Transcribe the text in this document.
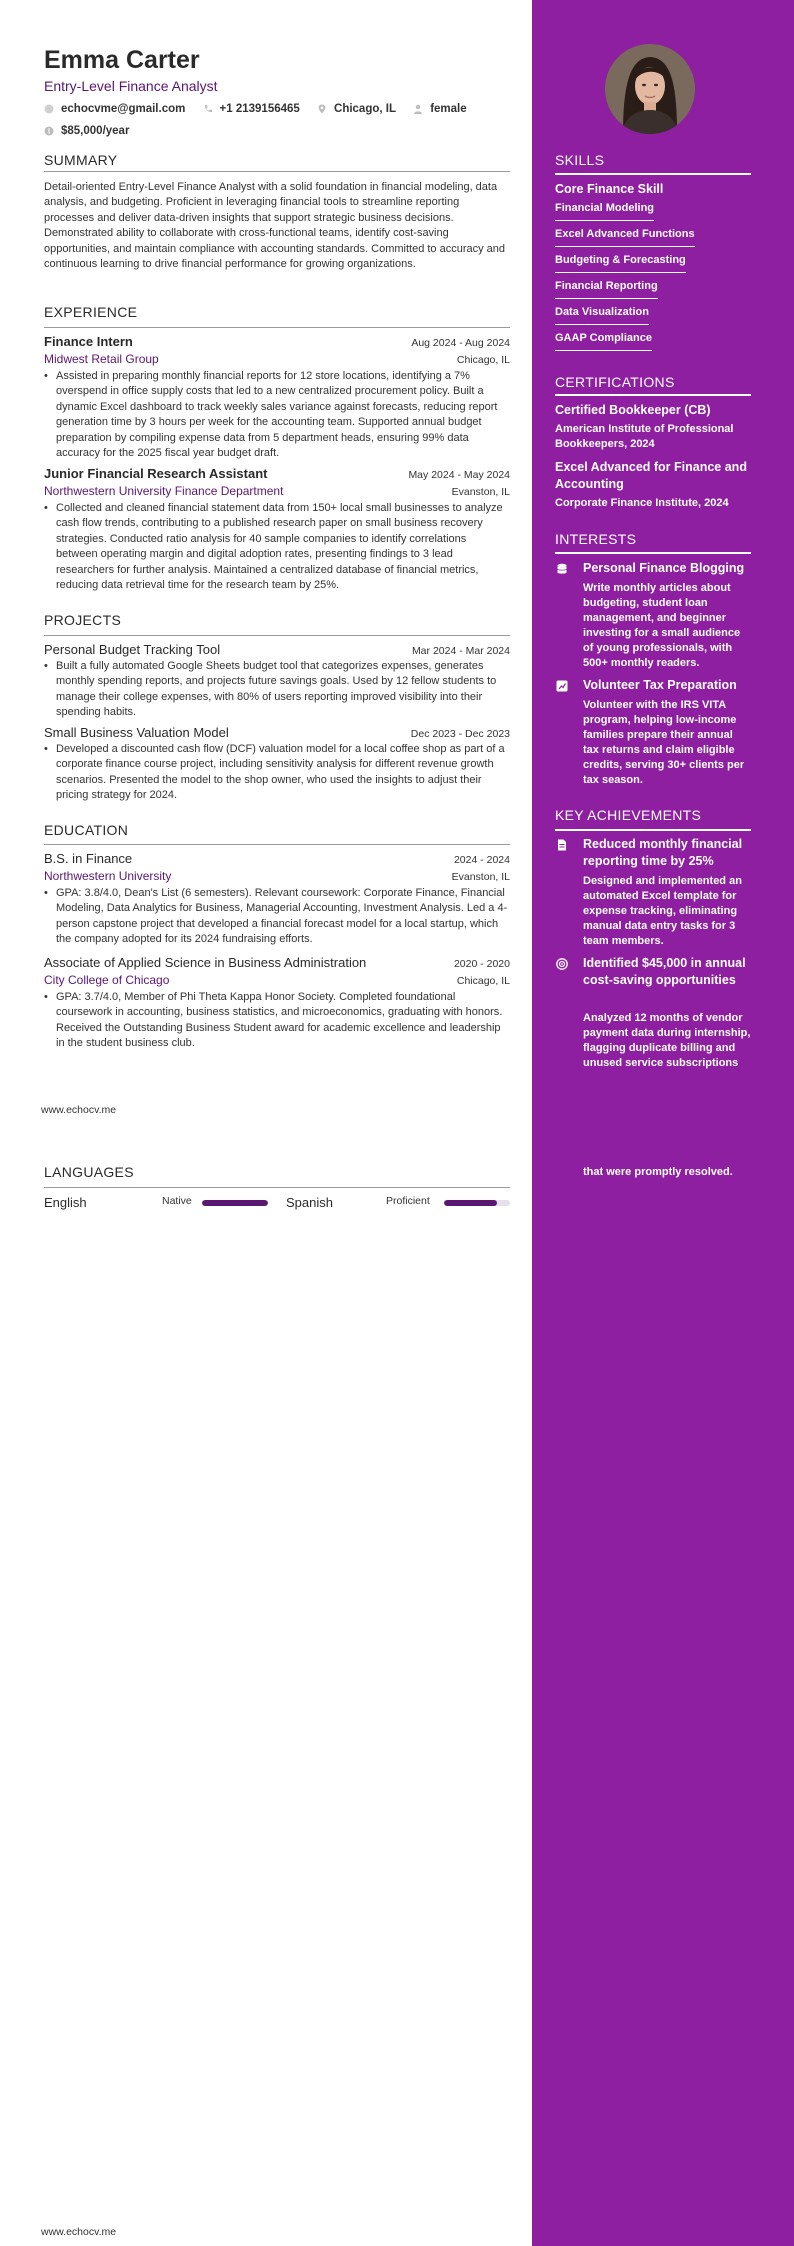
Emma Carter
Entry-Level Finance Analyst
echocvme@gmail.com
	+1 2139156465
	Chicago, IL
	female
$85,000/year
SUMMARY
Detail-oriented Entry-Level Finance Analyst with a solid foundation in financial modeling, data analysis, and budgeting. Proficient in leveraging financial tools to streamline reporting processes and deliver data-driven insights that support strategic business decisions. Demonstrated ability to collaborate with cross-functional teams, identify cost-saving opportunities, and maintain compliance with accounting standards. Committed to accuracy and continuous learning to drive financial performance for growing organizations.
EXPERIENCE
Finance Intern	Aug 2024 - Aug 2024
Midwest Retail Group	Chicago, IL
• Assisted in preparing monthly financial reports for 12 store locations, identifying a 7% overspend in office supply costs that led to a new centralized procurement policy. Built a dynamic Excel dashboard to track weekly sales variance against forecasts, reducing report generation time by 3 hours per week for the accounting team. Supported annual budget preparation by compiling expense data from 5 department heads, ensuring 99% data accuracy for the 2025 fiscal year budget draft.
Junior Financial Research Assistant	May 2024 - May 2024
Northwestern University Finance Department	Evanston, IL
• Collected and cleaned financial statement data from 150+ local small businesses to analyze cash flow trends, contributing to a published research paper on small business recovery strategies. Conducted ratio analysis for 40 sample companies to identify correlations between operating margin and digital adoption rates, presenting findings to 3 lead researchers for further analysis. Maintained a centralized database of financial metrics, reducing data retrieval time for the research team by 25%.
PROJECTS
Personal Budget Tracking Tool	Mar 2024 - Mar 2024
• Built a fully automated Google Sheets budget tool that categorizes expenses, generates monthly spending reports, and projects future savings goals. Used by 12 fellow students to manage their college expenses, with 80% of users reporting improved visibility into their spending habits.
Small Business Valuation Model	Dec 2023 - Dec 2023
• Developed a discounted cash flow (DCF) valuation model for a local coffee shop as part of a corporate finance course project, including sensitivity analysis for different revenue growth scenarios. Presented the model to the shop owner, who used the insights to adjust their pricing strategy for 2024.
EDUCATION
B.S. in Finance	2024 - 2024
Northwestern University	Evanston, IL
• GPA: 3.8/4.0, Dean's List (6 semesters). Relevant coursework: Corporate Finance, Financial Modeling, Data Analytics for Business, Managerial Accounting, Investment Analysis. Led a 4-person capstone project that developed a financial forecast model for a local startup, which the company adopted for its 2024 fundraising efforts.
Associate of Applied Science in Business Administration	2020 - 2020
City College of Chicago	Chicago, IL
• GPA: 3.7/4.0, Member of Phi Theta Kappa Honor Society. Completed foundational coursework in accounting, business statistics, and microeconomics, graduating with honors. Received the Outstanding Business Student award for academic excellence and leadership in the student business club.
www.echocv.me
LANGUAGES
English	Native	Spanish	Proficient
www.echocv.me
SKILLS
Core Finance Skill
Financial Modeling
Excel Advanced Functions
Budgeting & Forecasting
Financial Reporting
Data Visualization
GAAP Compliance
CERTIFICATIONS
Certified Bookkeeper (CB)
American Institute of Professional Bookkeepers, 2024
Excel Advanced for Finance and Accounting
Corporate Finance Institute, 2024
INTERESTS
Personal Finance Blogging
Write monthly articles about budgeting, student loan management, and beginner investing for a small audience of young professionals, with 500+ monthly readers.
Volunteer Tax Preparation
Volunteer with the IRS VITA program, helping low-income families prepare their annual tax returns and claim eligible credits, serving 30+ clients per tax season.
KEY ACHIEVEMENTS
Reduced monthly financial reporting time by 25%
Designed and implemented an automated Excel template for expense tracking, eliminating manual data entry tasks for 3 team members.
Identified $45,000 in annual cost-saving opportunities
Analyzed 12 months of vendor payment data during internship, flagging duplicate billing and unused service subscriptions
that were promptly resolved.
